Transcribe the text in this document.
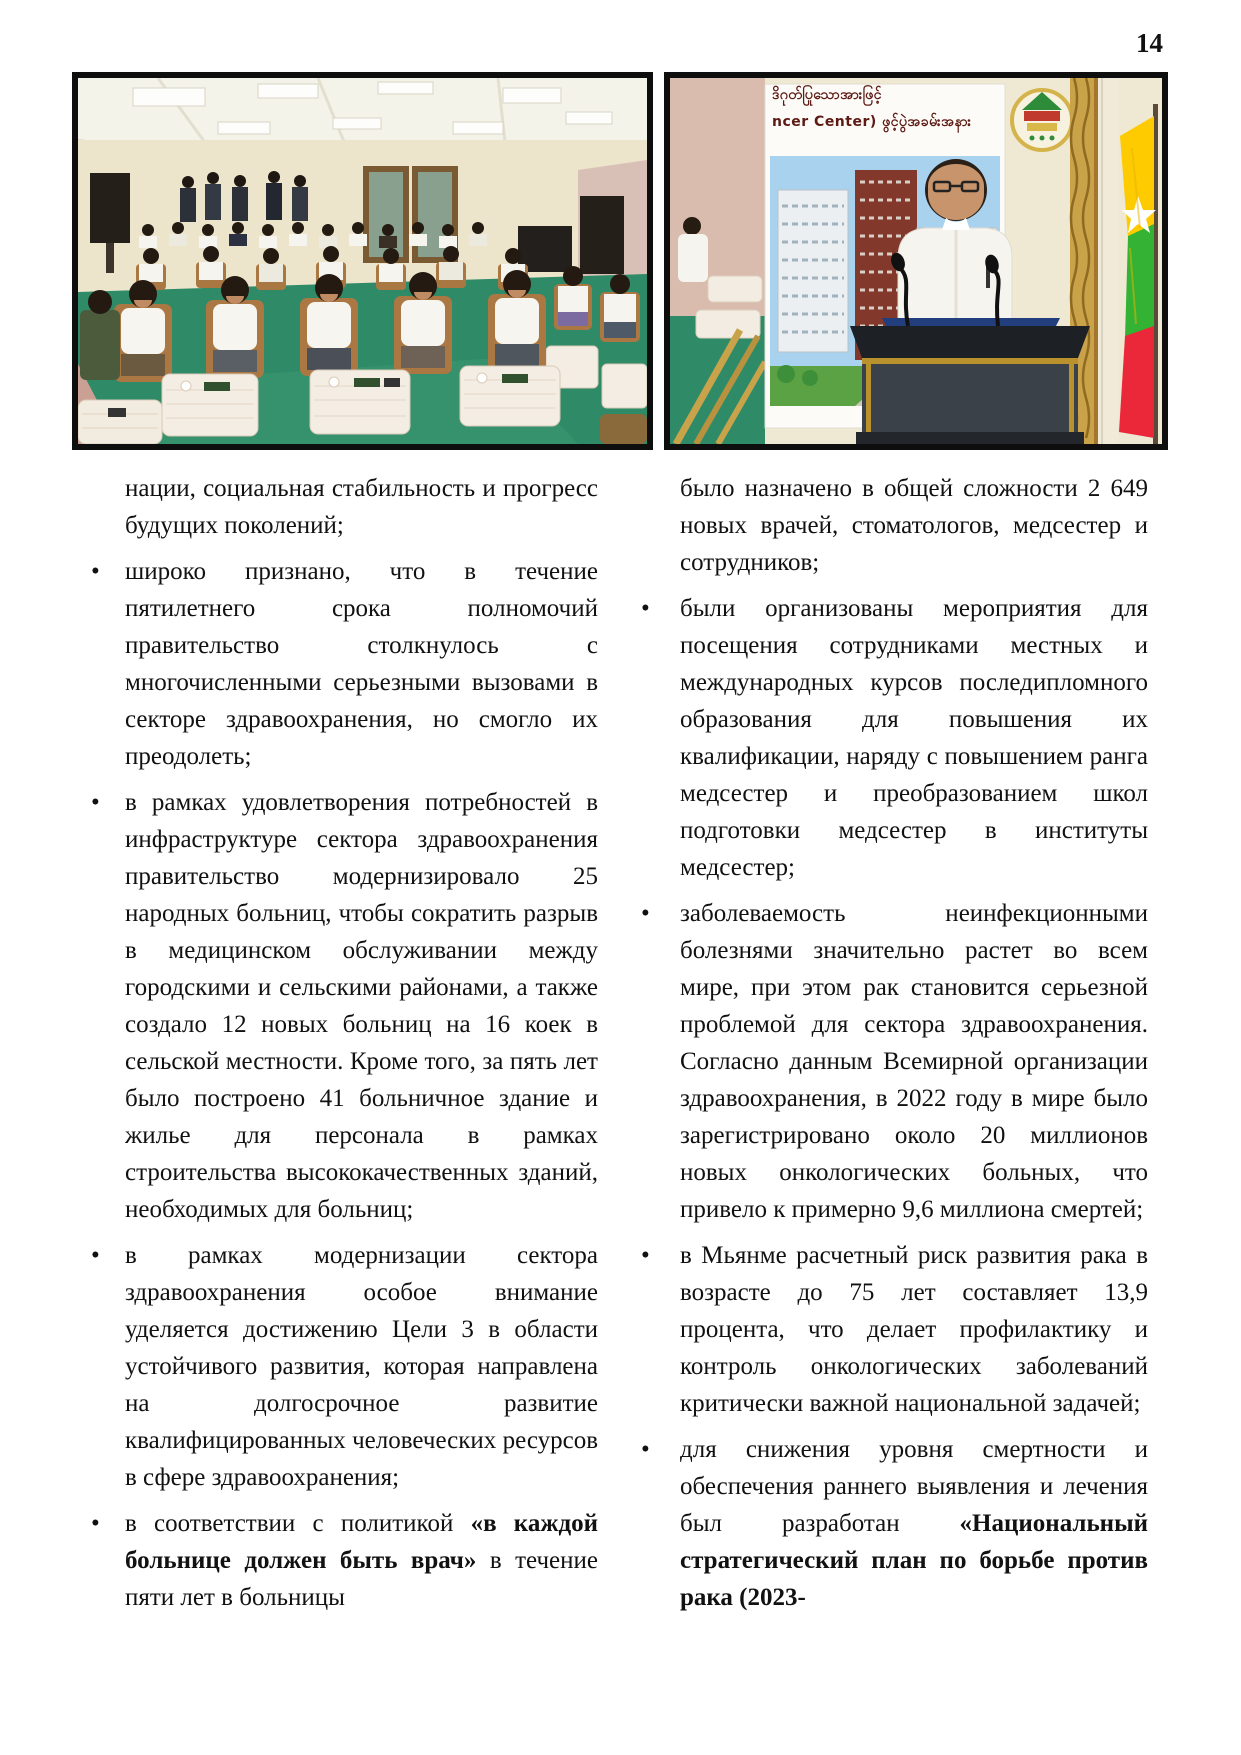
14
ဒိဂုတ်ပြုသောအားဖြင့်
ncer Center) ဖွင့်ပွဲအခမ်းအနား

нации, социальная стабильность и прогресс будущих поколений;

• широко признано, что в течение пятилетнего срока полномочий правительство столкнулось с многочисленными серьезными вызовами в секторе здравоохранения, но смогло их преодолеть;
• в рамках удовлетворения потребностей в инфраструктуре сектора здравоохранения правительство модернизировало 25 народных больниц, чтобы сократить разрыв в медицинском обслуживании между городскими и сельскими районами, а также создало 12 новых больниц на 16 коек в сельской местности. Кроме того, за пять лет было построено 41 больничное здание и жилье для персонала в рамках строительства высококачественных зданий, необходимых для больниц;
• в рамках модернизации сектора здравоохранения особое внимание уделяется достижению Цели 3 в области устойчивого развития, которая направлена на долгосрочное развитие квалифицированных человеческих ресурсов в сфере здравоохранения;
• в соответствии с политикой «в каждой больнице должен быть врач» в течение пяти лет в больницы

было назначено в общей сложности 2 649 новых врачей, стоматологов, медсестер и сотрудников;

• были организованы мероприятия для посещения сотрудниками местных и международных курсов последипломного образования для повышения их квалификации, наряду с повышением ранга медсестер и преобразованием школ подготовки медсестер в институты медсестер;
• заболеваемость неинфекционными болезнями значительно растет во всем мире, при этом рак становится серьезной проблемой для сектора здравоохранения. Согласно данным Всемирной организации здравоохранения, в 2022 году в мире было зарегистрировано около 20 миллионов новых онкологических больных, что привело к примерно 9,6 миллиона смертей;
• в Мьянме расчетный риск развития рака в возрасте до 75 лет составляет 13,9 процента, что делает профилактику и контроль онкологических заболеваний критически важной национальной задачей;
• для снижения уровня смертности и обеспечения раннего выявления и лечения был разработан «Национальный стратегический план по борьбе против рака (2023-
